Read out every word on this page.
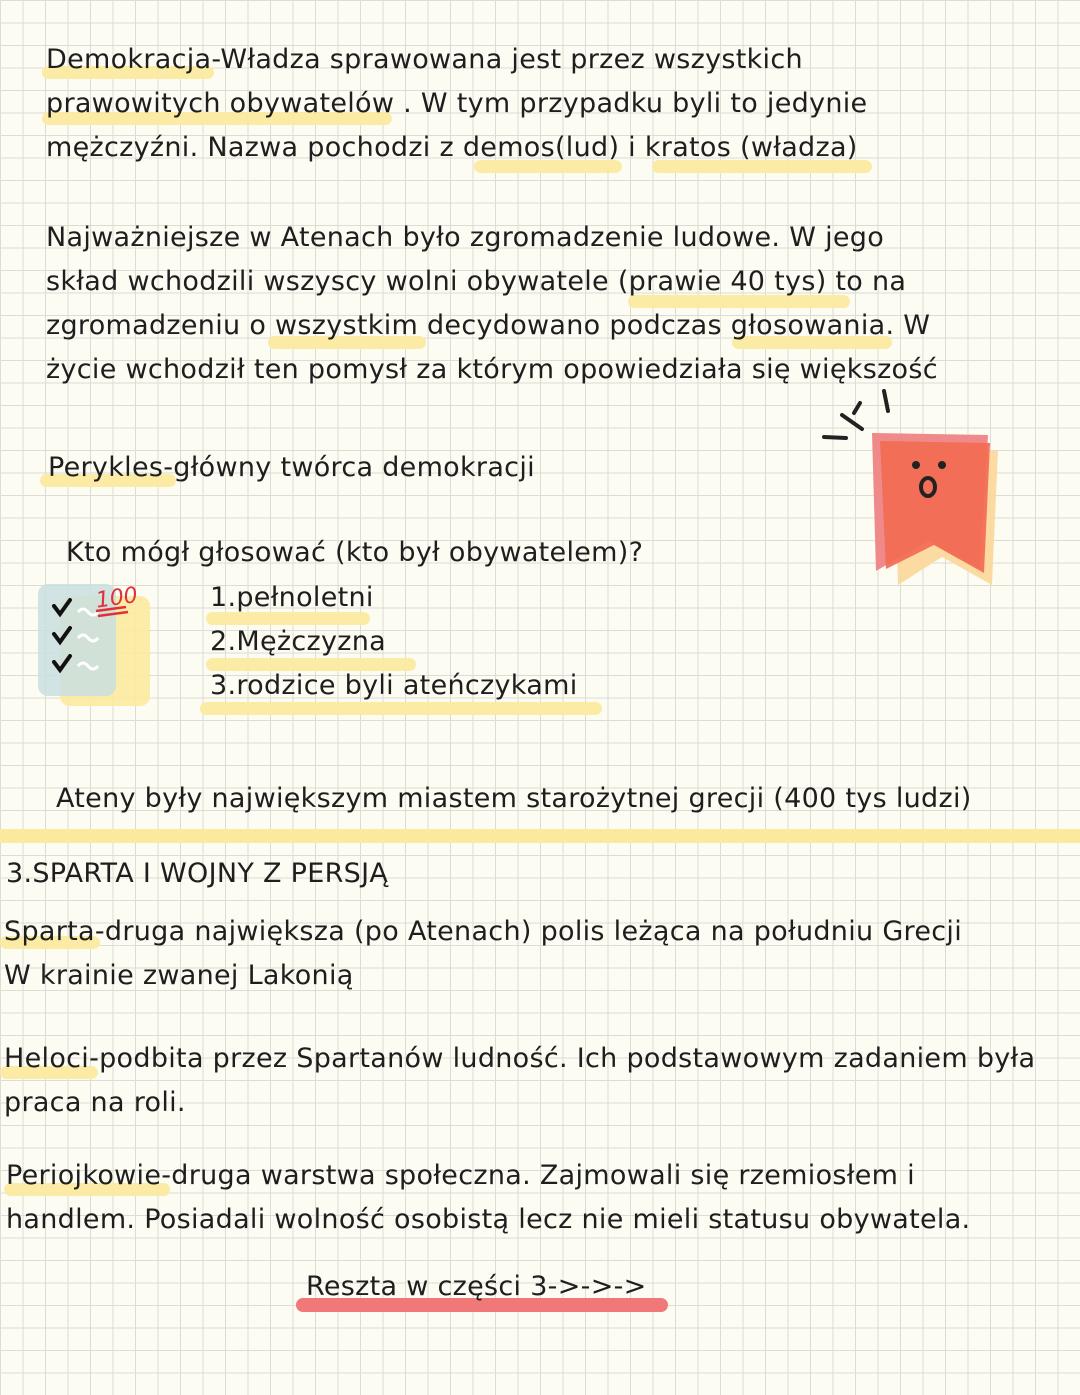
Demokracja-Władza sprawowana jest przez wszystkich
prawowitych obywatelów . W tym przypadku byli to jedynie
mężczyźni. Nazwa pochodzi z demos(lud) i kratos (władza)
Najważniejsze w Atenach było zgromadzenie ludowe. W jego
skład wchodzili wszyscy wolni obywatele (prawie 40 tys) to na
zgromadzeniu o wszystkim decydowano podczas głosowania. W
życie wchodził ten pomysł za którym opowiedziała się większość
Perykles-główny twórca demokracji
Kto mógł głosować (kto był obywatelem)?
100	1.pełnoletni
2.Mężczyzna
3.rodzice byli ateńczykami
Ateny były największym miastem starożytnej grecji (400 tys ludzi)
3.SPARTA I WOJNY Z PERSJĄ
Sparta-druga największa (po Atenach) polis leżąca na południu Grecji
W krainie zwanej Lakonią
Heloci-podbita przez Spartanów ludność. Ich podstawowym zadaniem była
praca na roli.
Periojkowie-druga warstwa społeczna. Zajmowali się rzemiosłem i
handlem. Posiadali wolność osobistą lecz nie mieli statusu obywatela.
Reszta w części 3->->->
